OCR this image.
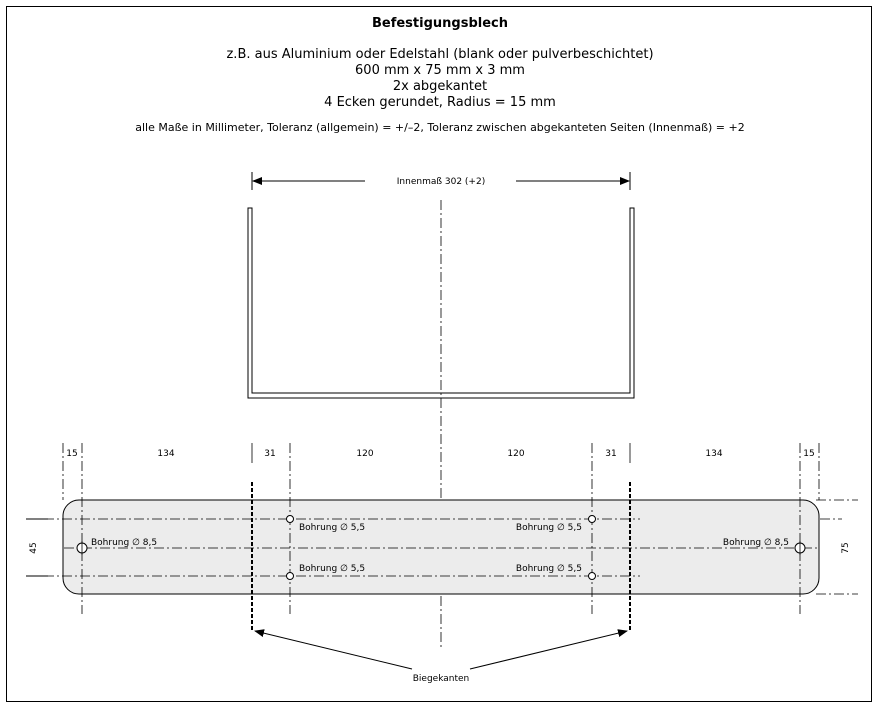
Befestigungsblech
z.B. aus Aluminium oder Edelstahl (blank oder pulverbeschichtet)
600 mm x 75 mm x 3 mm
2x abgekantet
4 Ecken gerundet, Radius = 15 mm
alle Maße in Millimeter, Toleranz (allgemein) = +/–2, Toleranz zwischen abgekanteten Seiten (Innenmaß) = +2
Innenmaß 302 (+2)
15	134	31	120	120	31	134	15
45	75
Bohrung ∅ 8,5	Bohrung ∅ 8,5
Bohrung ∅ 5,5	Bohrung ∅ 5,5
Bohrung ∅ 5,5	Bohrung ∅ 5,5
Biegekanten
